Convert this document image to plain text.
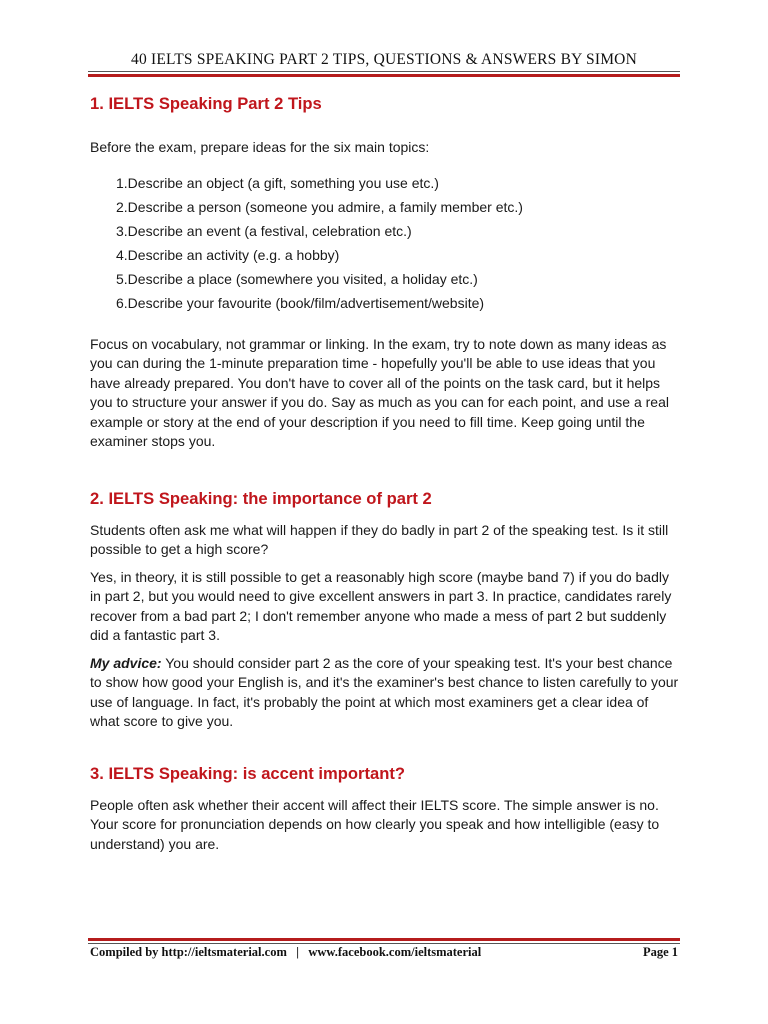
40 IELTS SPEAKING PART 2 TIPS, QUESTIONS & ANSWERS BY SIMON
1. IELTS Speaking Part 2 Tips

Before the exam, prepare ideas for the six main topics:

1.Describe an object (a gift, something you use etc.)
2.Describe a person (someone you admire, a family member etc.)
3.Describe an event (a festival, celebration etc.)
4.Describe an activity (e.g. a hobby)
5.Describe a place (somewhere you visited, a holiday etc.)
6.Describe your favourite (book/film/advertisement/website)

Focus on vocabulary, not grammar or linking. In the exam, try to note down as many ideas as you can during the 1-minute preparation time - hopefully you'll be able to use ideas that you have already prepared. You don't have to cover all of the points on the task card, but it helps you to structure your answer if you do. Say as much as you can for each point, and use a real example or story at the end of your description if you need to fill time. Keep going until the examiner stops you.

2. IELTS Speaking: the importance of part 2

Students often ask me what will happen if they do badly in part 2 of the speaking test. Is it still possible to get a high score?

Yes, in theory, it is still possible to get a reasonably high score (maybe band 7) if you do badly in part 2, but you would need to give excellent answers in part 3. In practice, candidates rarely recover from a bad part 2; I don't remember anyone who made a mess of part 2 but suddenly did a fantastic part 3.

My advice: You should consider part 2 as the core of your speaking test. It's your best chance to show how good your English is, and it's the examiner's best chance to listen carefully to your use of language. In fact, it's probably the point at which most examiners get a clear idea of what score to give you.

3. IELTS Speaking: is accent important?

People often ask whether their accent will affect their IELTS score. The simple answer is no. Your score for pronunciation depends on how clearly you speak and how intelligible (easy to understand) you are.

Compiled by http://ieltsmaterial.com   |   www.facebook.com/ieltsmaterial	Page 1
